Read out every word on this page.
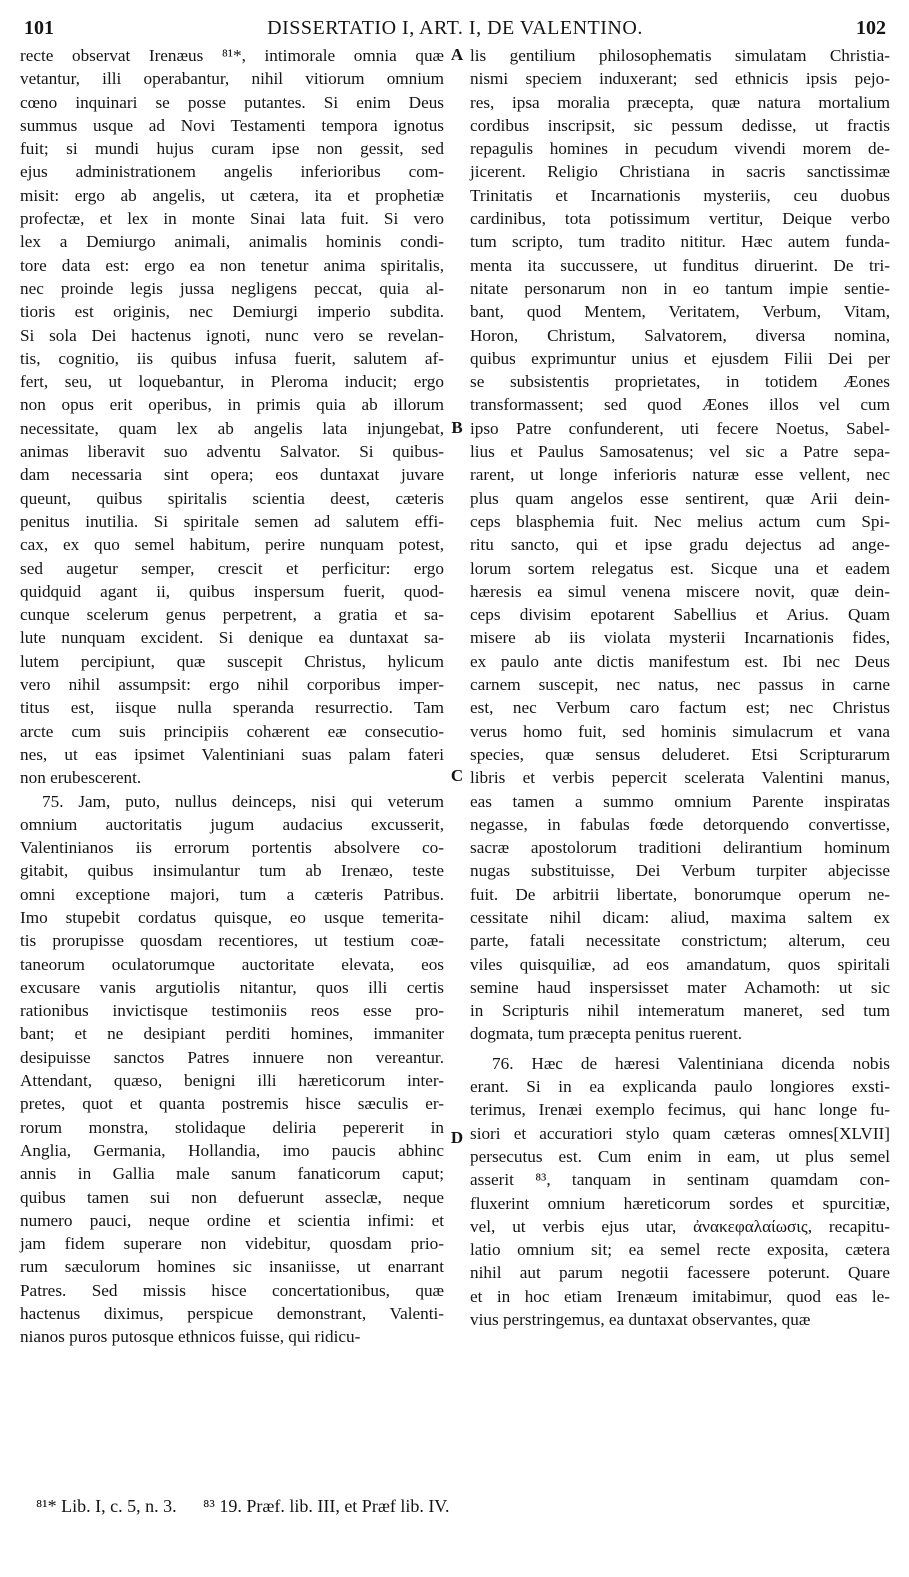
101	DISSERTATIO I, ART. I, DE VALENTINO.	102
recte observat Irenæus ⁸¹*, intimorale omnia quæ
vetantur, illi operabantur, nihil vitiorum omnium
cœno inquinari se posse putantes. Si enim Deus
summus usque ad Novi Testamenti tempora ignotus
fuit; si mundi hujus curam ipse non gessit, sed
ejus administrationem angelis inferioribus com-
misit: ergo ab angelis, ut cætera, ita et prophetiæ
profectæ, et lex in monte Sinai lata fuit. Si vero
lex a Demiurgo animali, animalis hominis condi-
tore data est: ergo ea non tenetur anima spiritalis,
nec proinde legis jussa negligens peccat, quia al-
tioris est originis, nec Demiurgi imperio subdita.
Si sola Dei hactenus ignoti, nunc vero se revelan-
tis, cognitio, iis quibus infusa fuerit, salutem af-
fert, seu, ut loquebantur, in Pleroma inducit; ergo
non opus erit operibus, in primis quia ab illorum
necessitate, quam lex ab angelis lata injungebat,
animas liberavit suo adventu Salvator. Si quibus-
dam necessaria sint opera; eos duntaxat juvare
queunt, quibus spiritalis scientia deest, cæteris
penitus inutilia. Si spiritale semen ad salutem effi-
cax, ex quo semel habitum, perire nunquam potest,
sed augetur semper, crescit et perficitur: ergo
quidquid agant ii, quibus inspersum fuerit, quod-
cunque scelerum genus perpetrent, a gratia et sa-
lute nunquam excident. Si denique ea duntaxat sa-
lutem percipiunt, quæ suscepit Christus, hylicum
vero nihil assumpsit: ergo nihil corporibus imper-
titus est, iisque nulla speranda resurrectio. Tam
arcte cum suis principiis cohærent eæ consecutio-
nes, ut eas ipsimet Valentiniani suas palam fateri
non erubescerent.
75. Jam, puto, nullus deinceps, nisi qui veterum
omnium auctoritatis jugum audacius excusserit,
Valentinianos iis errorum portentis absolvere co-
gitabit, quibus insimulantur tum ab Irenæo, teste
omni exceptione majori, tum a cæteris Patribus.
Imo stupebit cordatus quisque, eo usque temerita-
tis prorupisse quosdam recentiores, ut testium coæ-
taneorum oculatorumque auctoritate elevata, eos
excusare vanis argutiolis nitantur, quos illi certis
rationibus invictisque testimoniis reos esse pro-
bant; et ne desipiant perditi homines, immaniter
desipuisse sanctos Patres innuere non vereantur.
Attendant, quæso, benigni illi hæreticorum inter-
pretes, quot et quanta postremis hisce sæculis er-
rorum monstra, stolidaque deliria pepererit in
Anglia, Germania, Hollandia, imo paucis abhinc
annis in Gallia male sanum fanaticorum caput;
quibus tamen sui non defuerunt asseclæ, neque
numero pauci, neque ordine et scientia infimi: et
jam fidem superare non videbitur, quosdam prio-
rum sæculorum homines sic insaniisse, ut enarrant
Patres. Sed missis hisce concertationibus, quæ
hactenus diximus, perspicue demonstrant, Valenti-
nianos puros putosque ethnicos fuisse, qui ridicu-
lis gentilium philosophematis simulatam Christia-
nismi speciem induxerant; sed ethnicis ipsis pejo-
res, ipsa moralia præcepta, quæ natura mortalium
cordibus inscripsit, sic pessum dedisse, ut fractis
repagulis homines in pecudum vivendi morem de-
jicerent. Religio Christiana in sacris sanctissimæ
Trinitatis et Incarnationis mysteriis, ceu duobus
cardinibus, tota potissimum vertitur, Deique verbo
tum scripto, tum tradito nititur. Hæc autem funda-
menta ita succussere, ut funditus diruerint. De tri-
nitate personarum non in eo tantum impie sentie-
bant, quod Mentem, Veritatem, Verbum, Vitam,
Horon, Christum, Salvatorem, diversa nomina,
quibus exprimuntur unius et ejusdem Filii Dei per
se subsistentis proprietates, in totidem Æones
transformassent; sed quod Æones illos vel cum
ipso Patre confunderent, uti fecere Noetus, Sabel-
lius et Paulus Samosatenus; vel sic a Patre sepa-
rarent, ut longe inferioris naturæ esse vellent, nec
plus quam angelos esse sentirent, quæ Arii dein-
ceps blasphemia fuit. Nec melius actum cum Spi-
ritu sancto, qui et ipse gradu dejectus ad ange-
lorum sortem relegatus est. Sicque una et eadem
hæresis ea simul venena miscere novit, quæ dein-
ceps divisim epotarent Sabellius et Arius. Quam
misere ab iis violata mysterii Incarnationis fides,
ex paulo ante dictis manifestum est. Ibi nec Deus
carnem suscepit, nec natus, nec passus in carne
est, nec Verbum caro factum est; nec Christus
verus homo fuit, sed hominis simulacrum et vana
species, quæ sensus deluderet. Etsi Scripturarum
libris et verbis pepercit scelerata Valentini manus,
eas tamen a summo omnium Parente inspiratas
negasse, in fabulas fœde detorquendo convertisse,
sacræ apostolorum traditioni delirantium hominum
nugas substituisse, Dei Verbum turpiter abjecisse
fuit. De arbitrii libertate, bonorumque operum ne-
cessitate nihil dicam: aliud, maxima saltem ex
parte, fatali necessitate constrictum; alterum, ceu
viles quisquiliæ, ad eos amandatum, quos spiritali
semine haud inspersisset mater Achamoth: ut sic
in Scripturis nihil intemeratum maneret, sed tum
dogmata, tum præcepta penitus ruerent.
76. Hæc de hæresi Valentiniana dicenda nobis
erant. Si in ea explicanda paulo longiores exsti-
terimus, Irenæi exemplo fecimus, qui hanc longe fu-
siori et accuratiori stylo quam cæteras omnes[XLVII]
persecutus est. Cum enim in eam, ut plus semel
asserit ⁸³, tanquam in sentinam quamdam con-
fluxerint omnium hæreticorum sordes et spurcitiæ,
vel, ut verbis ejus utar, ἀνακεφαλαίωσις, recapitu-
latio omnium sit; ea semel recte exposita, cætera
nihil aut parum negotii facessere poterunt. Quare
et in hoc etiam Irenæum imitabimur, quod eas le-
vius perstringemus, ea duntaxat observantes, quæ
A
B
C
D
⁸¹* Lib. I, c. 5, n. 3. ⁸³ 19. Præf. lib. III, et Præf lib. IV.
